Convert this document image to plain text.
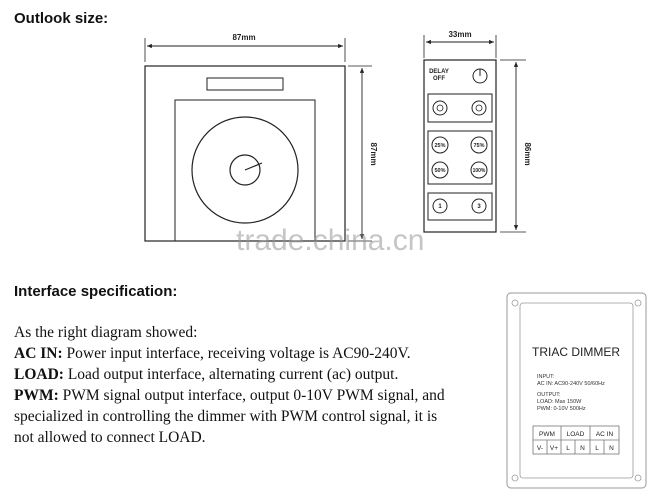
Outlook size:
Interface specification:
87mm
87mm
33mm
DELAY
OFF
25%	75%
50%	100%
1	3
86mm
TRIAC DIMMER
INPUT:
AC IN: AC90-240V 50/60Hz
OUTPUT:
LOAD: Max 150W
PWM: 0-10V 500Hz
PWM LOAD AC IN
V- V+ L N L N
trade.china.cn
As the right diagram showed:
AC IN: Power input interface, receiving voltage is AC90-240V.
LOAD: Load output interface, alternating current (ac) output.
PWM: PWM signal output interface, output 0-10V PWM signal, and
specialized in controlling the dimmer with PWM control signal, it is
not allowed to connect LOAD.
